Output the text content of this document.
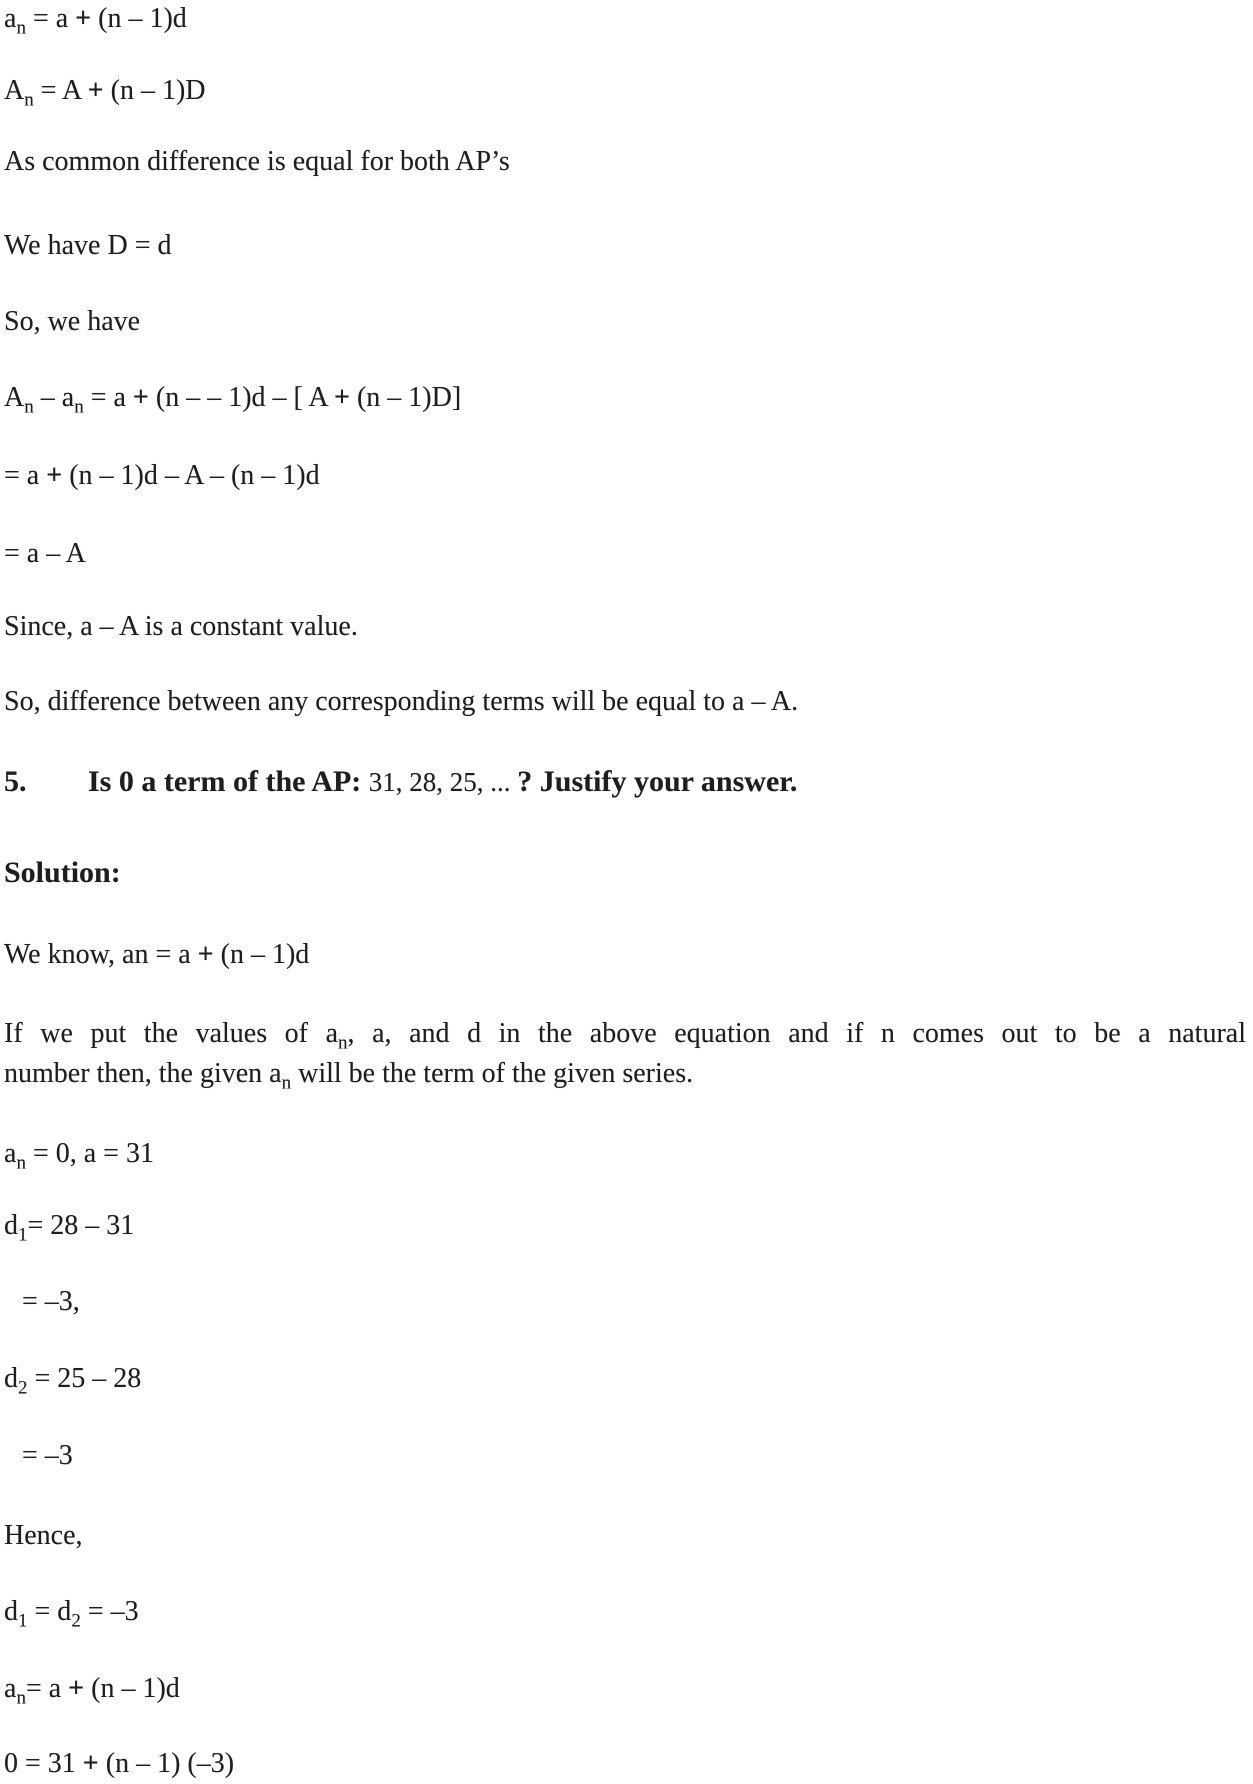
$a_n = a + (n - 1)d$
$A_n = A + (n - 1)D$
As common difference is equal for both AP’s
We have D = d
So, we have
$A_n - a_n = a + (n$ – – 1)d – [ A + (n – 1)D]
= a + (n – 1)d – A – (n – 1)d
= a – A
Since, a – A is a constant value.
So, difference between any corresponding terms will be equal to a – A.
5.	Is 0 a term of the AP: 31, 28, 25, ... ? Justify your answer.
Solution:
We know, an = a + (n – 1)d
If we put the values of $a_n$, a, and d in the above equation and if n comes out to be a natural
number then, the given $a_n$ will be the term of the given series.
$a_n = 0$, a = 31
$d_1= 28 - 31$
= –3,
$d_2 = 25 - 28$
= –3
Hence,
$d_1 = d_2 = -3$
$a_n= a + (n - 1)d$
0 = 31 + (n – 1) (–3)
